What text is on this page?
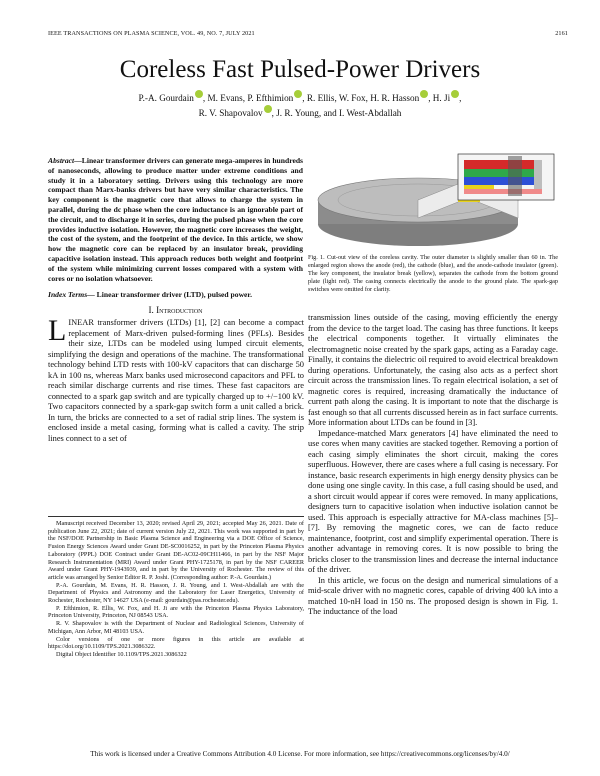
IEEE TRANSACTIONS ON PLASMA SCIENCE, VOL. 49, NO. 7, JULY 2021	2161
Coreless Fast Pulsed-Power Drivers
P.-A. Gourdain , M. Evans, P. Efthimion , R. Ellis, W. Fox, H. R. Hasson , H. Ji ,
R. V. Shapovalov , J. R. Young, and I. West-Abdallah
Abstract—Linear transformer drivers can generate mega-amperes in hundreds of nanoseconds, allowing to produce matter under extreme conditions and study it in a laboratory setting. Drivers using this technology are more compact than Marx-banks drivers but have very similar characteristics. The key component is the magnetic core that allows to charge the system in parallel, during the dc phase when the core inductance is an ignorable part of the circuit, and to discharge it in series, during the pulsed phase when the core provides inductive isolation. However, the magnetic core increases the weight, the cost of the system, and the footprint of the device. In this article, we show how the magnetic core can be replaced by an insulator break, providing capacitive isolation instead. This approach reduces both weight and footprint of the system while minimizing current losses compared with a system with cores or no isolation whatsoever.
Index Terms— Linear transformer driver (LTD), pulsed power.
I. Introduction

LINEAR transformer drivers (LTDs) [1], [2] can become a compact replacement of Marx-driven pulsed-forming lines (PFLs). Besides their size, LTDs can be modeled using lumped circuit elements, simplifying the design and operations of the machine. The transformational technology behind LTD rests with 100-kV capacitors that can discharge 50 kA in 100 ns, whereas Marx banks used microsecond capacitors and PFL to reach similar discharge currents and rise times. These fast capacitors are connected to a spark gap switch and are typically charged up to +/−100 kV. Two capacitors connected by a spark-gap switch form a unit called a brick. In turn, the bricks are connected to a set of radial strip lines. The system is enclosed inside a metal casing, forming what is called a cavity. The strip lines connect to a set of

Manuscript received December 13, 2020; revised April 29, 2021; accepted May 26, 2021. Date of publication June 22, 2021; date of current version July 22, 2021. This work was supported in part by the NSF/DOE Partnership in Basic Plasma Science and Engineering via a DOE Office of Science, Fusion Energy Sciences Award under Grant DE-SC0016252, in part by the Princeton Plasma Physics Laboratory (PPPL) DOE Contract under Grant DE-AC02-09CH11466, in part by the NSF Major Research Instrumentation (MRI) Award under Grant PHY-1725178, in part by the NSF CAREER Award under Grant PHY-1943939, and in part by the University of Rochester. The review of this article was arranged by Senior Editor R. P. Joshi. (Corresponding author: P.-A. Gourdain.)

P.-A. Gourdain, M. Evans, H. R. Hasson, J. R. Young, and I. West-Abdallah are with the Department of Physics and Astronomy and the Laboratory for Laser Energetics, University of Rochester, Rochester, NY 14627 USA (e-mail: gourdain@pas.rochester.edu).

P. Efthimion, R. Ellis, W. Fox, and H. Ji are with the Princeton Plasma Physics Laboratory, Princeton University, Princeton, NJ 08543 USA.

R. V. Shapovalov is with the Department of Nuclear and Radiological Sciences, University of Michigan, Ann Arbor, MI 48103 USA.

Color versions of one or more figures in this article are available at https://doi.org/10.1109/TPS.2021.3086322.

Digital Object Identifier 10.1109/TPS.2021.3086322

Fig. 1. Cut-out view of the coreless cavity. The outer diameter is slightly smaller than 60 in. The enlarged region shows the anode (red), the cathode (blue), and the anode-cathode insulator (green). The key component, the insulator break (yellow), separates the cathode from the bottom ground plate (light red). The casing connects electrically the anode to the ground plate. The spark-gap switches were omitted for clarity.

transmission lines outside of the casing, moving efficiently the energy from the device to the target load. The casing has three functions. It keeps the electrical components together. It virtually eliminates the electromagnetic noise created by the spark gaps, acting as a Faraday cage. Finally, it contains the dielectric oil required to avoid electrical breakdown during operations. Unfortunately, the casing also acts as a perfect short circuit across the transmission lines. To regain electrical isolation, a set of magnetic cores is required, increasing dramatically the inductance of current path along the casing. It is important to note that the discharge is fast enough so that all currents discussed herein as in fact surface currents. More information about LTDs can be found in [3].

Impedance-matched Marx generators [4] have eliminated the need to use cores when many cavities are stacked together. Removing a portion of each casing simply eliminates the short circuit, making the cores superfluous. However, there are cases where a full casing is necessary. For instance, basic research experiments in high energy density physics can be done using one single cavity. In this case, a full casing should be used, and a short circuit would appear if cores were removed. In many applications, designers turn to capacitive isolation when inductive isolation cannot be used. This approach is especially attractive for MA-class machines [5]–[7]. By removing the magnetic cores, we can de facto reduce maintenance, footprint, cost and simplify experimental operation. There is another advantage in removing cores. It is now possible to bring the bricks closer to the transmission lines and decrease the internal inductance of the driver.

In this article, we focus on the design and numerical simulations of a mid-scale driver with no magnetic cores, capable of driving 400 kA into a matched 10-nH load in 150 ns. The proposed design is shown in Fig. 1. The inductance of the load

This work is licensed under a Creative Commons Attribution 4.0 License. For more information, see https://creativecommons.org/licenses/by/4.0/
